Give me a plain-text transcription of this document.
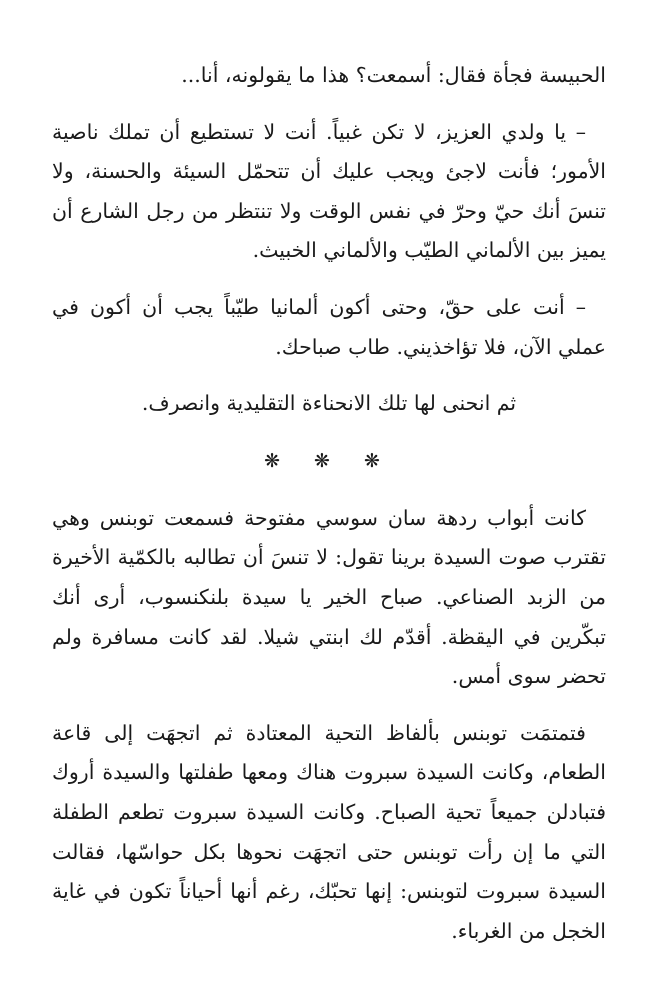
الحبيسة فجأة فقال: أسمعت؟ هذا ما يقولونه، أنا...

– يا ولدي العزيز، لا تكن غبياً. أنت لا تستطيع أن تملك ناصية الأمور؛ فأنت لاجئ ويجب عليك أن تتحمّل السيئة والحسنة، ولا تنسَ أنك حيّ وحرّ في نفس الوقت ولا تنتظر من رجل الشارع أن يميز بين الألماني الطيّب والألماني الخبيث.

– أنت على حقّ، وحتى أكون ألمانيا طيّباً يجب أن أكون في عملي الآن، فلا تؤاخذيني. طاب صباحك.

ثم انحنى لها تلك الانحناءة التقليدية وانصرف.

❋ ❋ ❋

كانت أبواب ردهة سان سوسي مفتوحة فسمعت توبنس وهي تقترب صوت السيدة برينا تقول: لا تنسَ أن تطالبه بالكمّية الأخيرة من الزبد الصناعي. صباح الخير يا سيدة بلنكنسوب، أرى أنك تبكّرين في اليقظة. أقدّم لك ابنتي شيلا. لقد كانت مسافرة ولم تحضر سوى أمس.

فتمتمَت توبنس بألفاظ التحية المعتادة ثم اتجهَت إلى قاعة الطعام، وكانت السيدة سبروت هناك ومعها طفلتها والسيدة أروك فتبادلن جميعاً تحية الصباح. وكانت السيدة سبروت تطعم الطفلة التي ما إن رأت توبنس حتى اتجهَت نحوها بكل حواسّها، فقالت السيدة سبروت لتوبنس: إنها تحبّك، رغم أنها أحياناً تكون في غاية الخجل من الغرباء.
